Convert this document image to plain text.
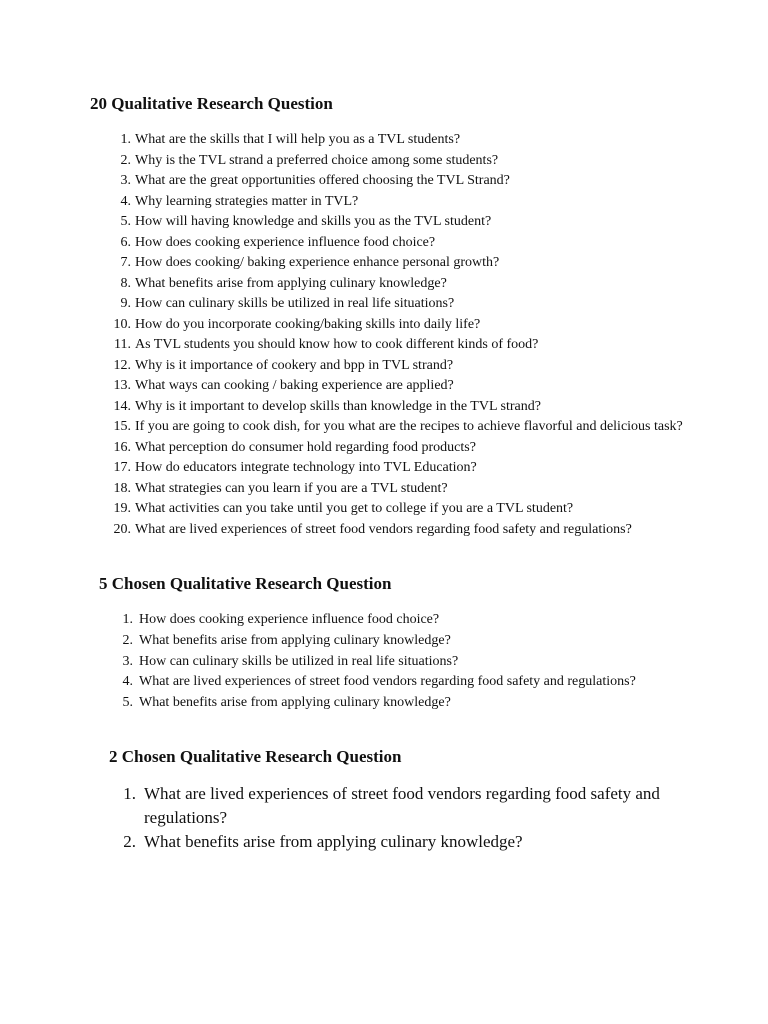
20 Qualitative Research Question
1. What are the skills that I will help you as a TVL students?
2. Why is the TVL strand a preferred choice among some students?
3. What are the great opportunities offered choosing the TVL Strand?
4. Why learning strategies matter in TVL?
5. How will having knowledge and skills you as the TVL student?
6. How does cooking experience influence food choice?
7. How does cooking/ baking experience enhance personal growth?
8. What benefits arise from applying culinary knowledge?
9. How can culinary skills be utilized in real life situations?
10. How do you incorporate cooking/baking skills into daily life?
11. As TVL students you should know how to cook different kinds of food?
12. Why is it importance of cookery and bpp in TVL strand?
13. What ways can cooking / baking experience are applied?
14. Why is it important to develop skills than knowledge in the TVL strand?
15. If you are going to cook dish, for you what are the recipes to achieve flavorful and delicious task?
16. What perception do consumer hold regarding food products?
17. How do educators integrate technology into TVL Education?
18. What strategies can you learn if you are a TVL student?
19. What activities can you take until you get to college if you are a TVL student?
20. What are lived experiences of street food vendors regarding food safety and regulations?
5 Chosen Qualitative Research Question
1. How does cooking experience influence food choice?
2. What benefits arise from applying culinary knowledge?
3. How can culinary skills be utilized in real life situations?
4. What are lived experiences of street food vendors regarding food safety and regulations?
5. What benefits arise from applying culinary knowledge?
2 Chosen Qualitative Research Question
1. What are lived experiences of street food vendors regarding food safety and regulations?
2. What benefits arise from applying culinary knowledge?
